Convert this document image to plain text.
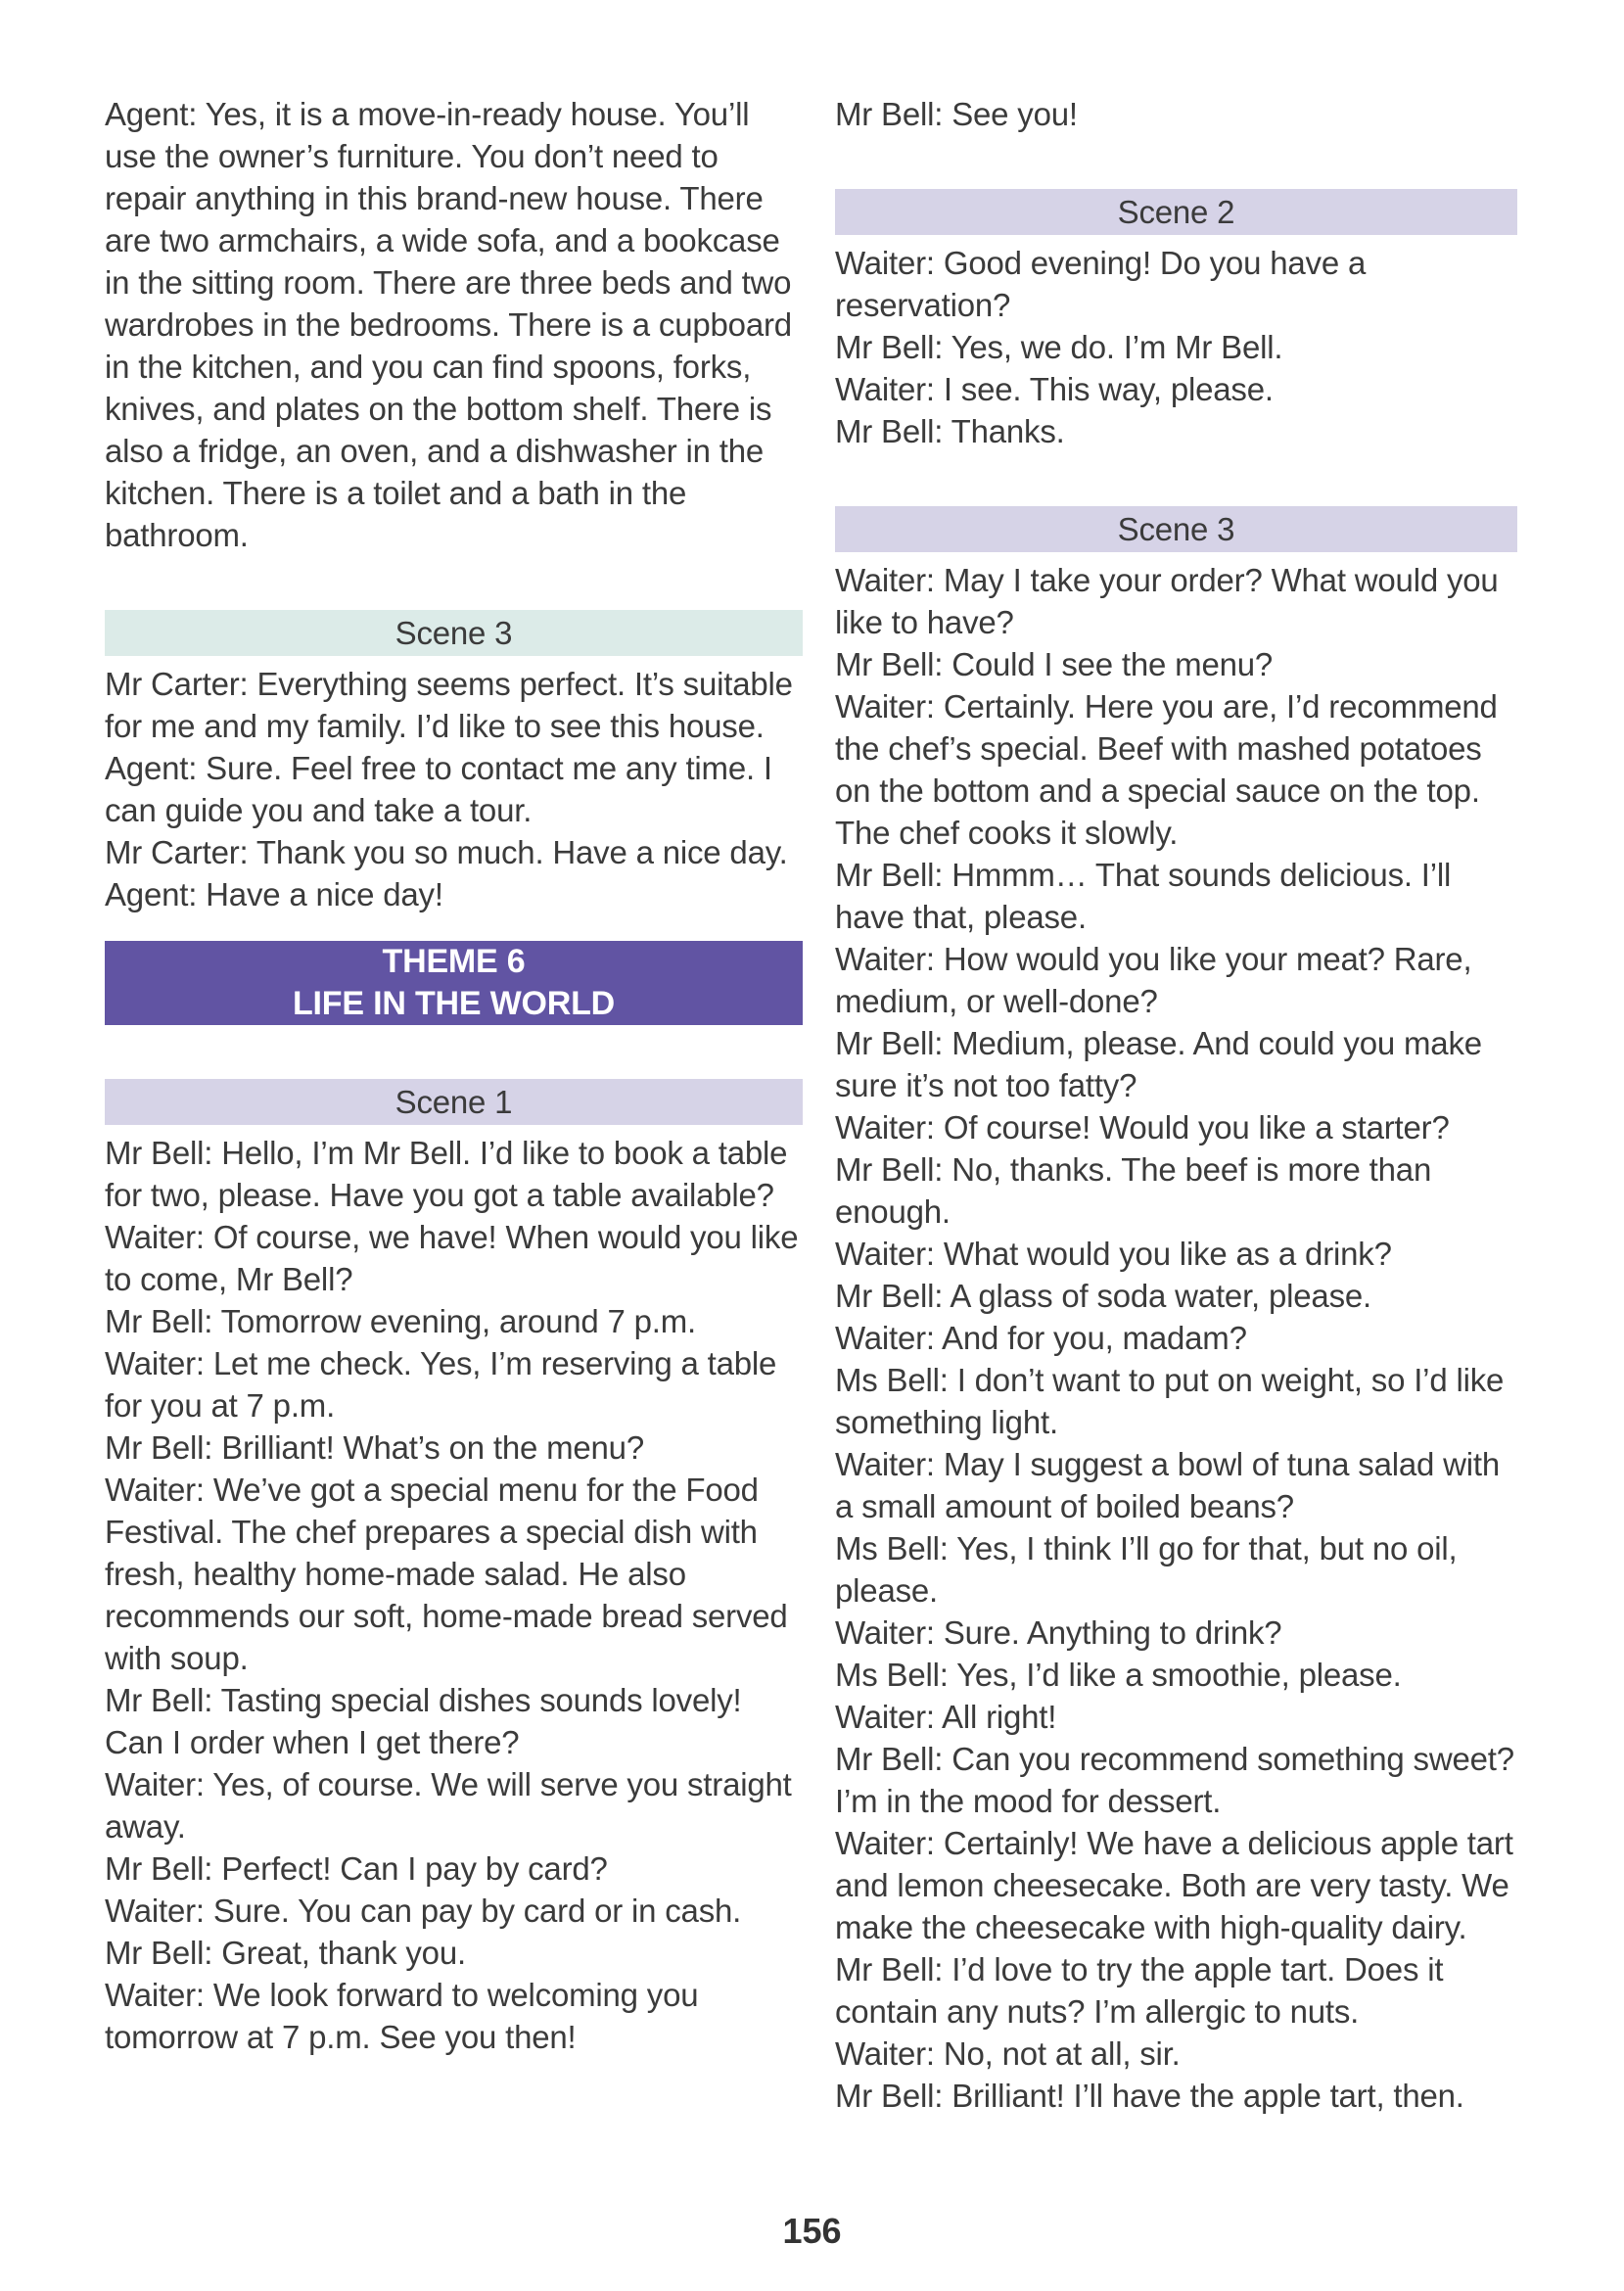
Agent: Yes, it is a move-in-ready house. You’ll use the owner’s furniture. You don’t need to repair anything in this brand-new house. There are two armchairs, a wide sofa, and a bookcase in the sitting room. There are three beds and two wardrobes in the bedrooms. There is a cupboard in the kitchen, and you can find spoons, forks, knives, and plates on the bottom shelf. There is also a fridge, an oven, and a dishwasher in the kitchen. There is a toilet and a bath in the bathroom.

Scene 3

Mr Carter: Everything seems perfect. It’s suitable for me and my family. I’d like to see this house.

Agent: Sure. Feel free to contact me any time. I can guide you and take a tour.

Mr Carter: Thank you so much. Have a nice day.

Agent: Have a nice day!

THEME 6
LIFE IN THE WORLD
Scene 1

Mr Bell: Hello, I’m Mr Bell. I’d like to book a table for two, please. Have you got a table available?

Waiter: Of course, we have! When would you like to come, Mr Bell?

Mr Bell: Tomorrow evening, around 7 p.m.

Waiter: Let me check. Yes, I’m reserving a table for you at 7 p.m.

Mr Bell: Brilliant! What’s on the menu?

Waiter: We’ve got a special menu for the Food Festival. The chef prepares a special dish with fresh, healthy home-made salad. He also recommends our soft, home-made bread served with soup.

Mr Bell: Tasting special dishes sounds lovely! Can I order when I get there?

Waiter: Yes, of course. We will serve you straight away.

Mr Bell: Perfect! Can I pay by card?

Waiter: Sure. You can pay by card or in cash.

Mr Bell: Great, thank you.

Waiter: We look forward to welcoming you tomorrow at 7 p.m. See you then!

Mr Bell: See you!

Scene 2

Waiter: Good evening! Do you have a reservation?

Mr Bell: Yes, we do. I’m Mr Bell.

Waiter: I see. This way, please.

Mr Bell: Thanks.

Scene 3

Waiter: May I take your order? What would you like to have?

Mr Bell: Could I see the menu?

Waiter: Certainly. Here you are, I’d recommend the chef’s special. Beef with mashed potatoes on the bottom and a special sauce on the top. The chef cooks it slowly.

Mr Bell: Hmmm… That sounds delicious. I’ll have that, please.

Waiter: How would you like your meat? Rare, medium, or well-done?

Mr Bell: Medium, please. And could you make sure it’s not too fatty?

Waiter: Of course! Would you like a starter?

Mr Bell: No, thanks. The beef is more than enough.

Waiter: What would you like as a drink?

Mr Bell: A glass of soda water, please.

Waiter: And for you, madam?

Ms Bell: I don’t want to put on weight, so I’d like something light.

Waiter: May I suggest a bowl of tuna salad with a small amount of boiled beans?

Ms Bell: Yes, I think I’ll go for that, but no oil, please.

Waiter: Sure. Anything to drink?

Ms Bell: Yes, I’d like a smoothie, please.

Waiter: All right!

Mr Bell: Can you recommend something sweet? I’m in the mood for dessert.

Waiter: Certainly! We have a delicious apple tart and lemon cheesecake. Both are very tasty. We make the cheesecake with high-quality dairy.

Mr Bell: I’d love to try the apple tart. Does it contain any nuts? I’m allergic to nuts.

Waiter: No, not at all, sir.

Mr Bell: Brilliant! I’ll have the apple tart, then.

156
